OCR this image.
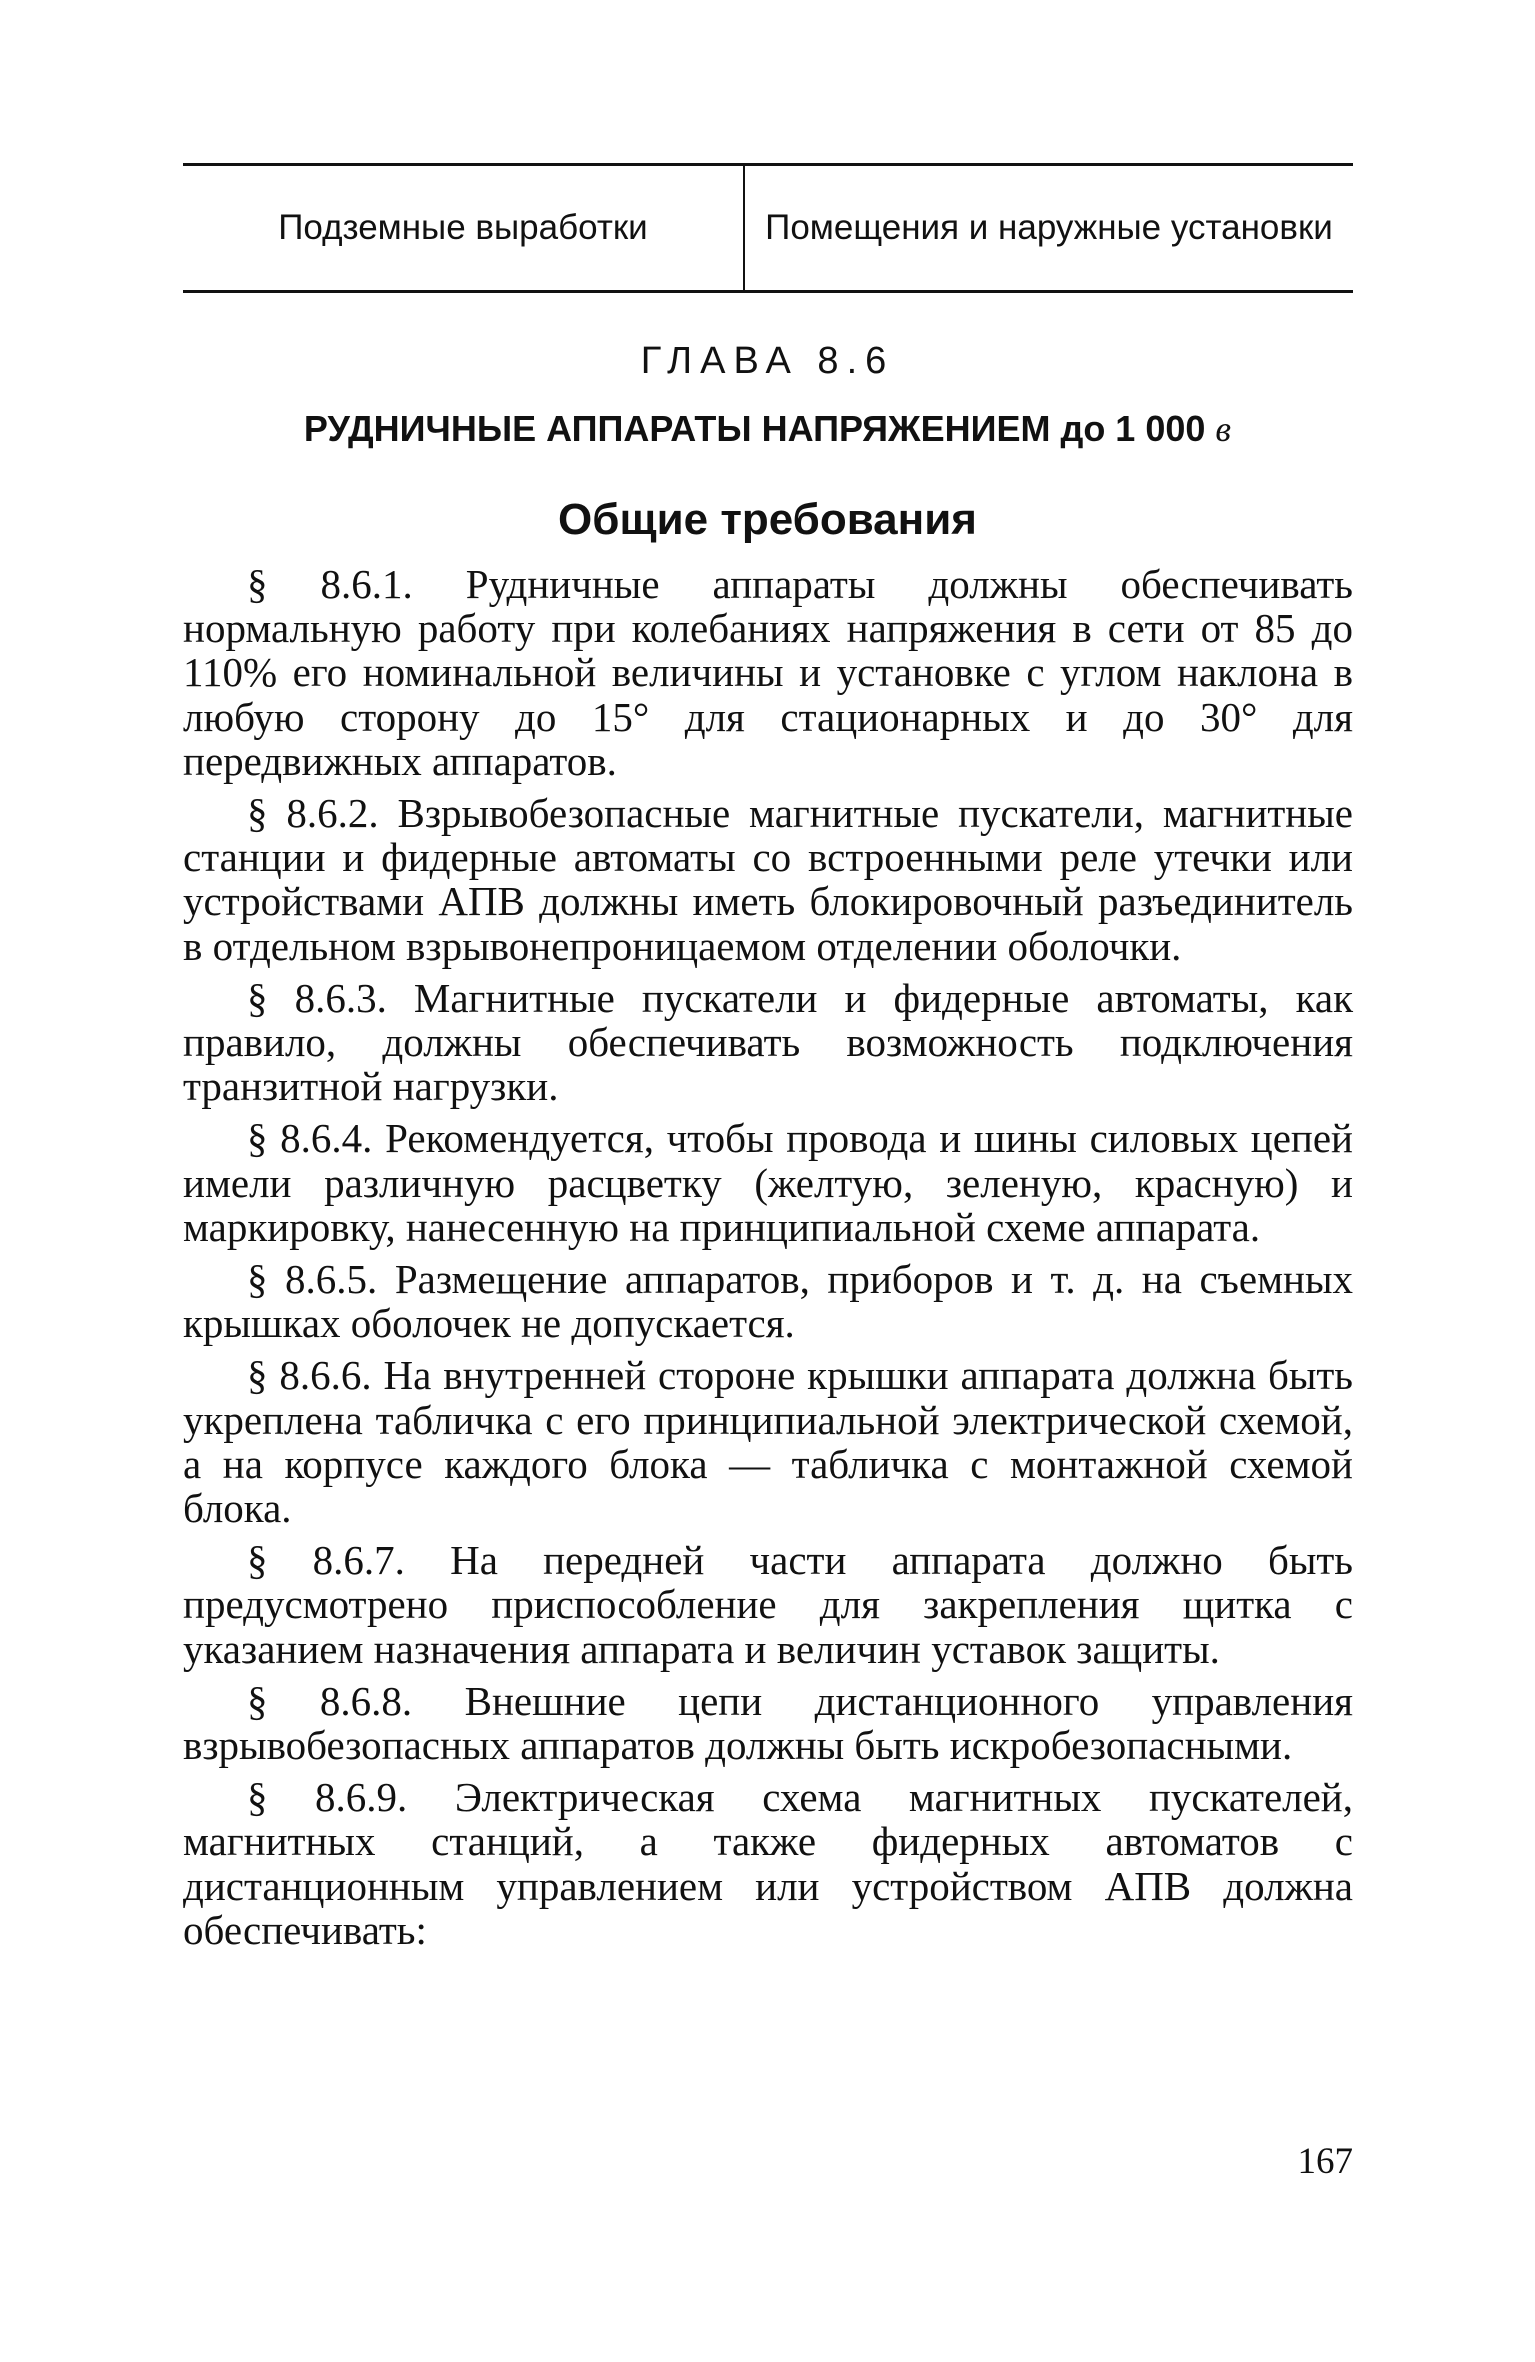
Подземные выработки	Помещения и наружные установки
ГЛАВА 8.6
РУДНИЧНЫЕ АППАРАТЫ НАПРЯЖЕНИЕМ до 1 000 в
Общие требования

§ 8.6.1. Рудничные аппараты должны обеспечивать нормальную работу при колебаниях напряжения в сети от 85 до 110% его номинальной величины и установке с углом наклона в любую сторону до 15° для стационарных и до 30° для передвижных аппаратов.

§ 8.6.2. Взрывобезопасные магнитные пускатели, магнитные станции и фидерные автоматы со встроенными реле утечки или устройствами АПВ должны иметь блокировочный разъединитель в отдельном взрывонепроницаемом отделении оболочки.

§ 8.6.3. Магнитные пускатели и фидерные автоматы, как правило, должны обеспечивать возможность подключения транзитной нагрузки.

§ 8.6.4. Рекомендуется, чтобы провода и шины силовых цепей имели различную расцветку (желтую, зеленую, красную) и маркировку, нанесенную на принципиальной схеме аппарата.

§ 8.6.5. Размещение аппаратов, приборов и т. д. на съемных крышках оболочек не допускается.

§ 8.6.6. На внутренней стороне крышки аппарата должна быть укреплена табличка с его принципиальной электрической схемой, а на корпусе каждого блока — табличка с монтажной схемой блока.

§ 8.6.7. На передней части аппарата должно быть предусмотрено приспособление для закрепления щитка с указанием назначения аппарата и величин уставок защиты.

§ 8.6.8. Внешние цепи дистанционного управления взрывобезопасных аппаратов должны быть искробезопасными.

§ 8.6.9. Электрическая схема магнитных пускателей, магнитных станций, а также фидерных автоматов с дистанционным управлением или устройством АПВ должна обеспечивать:

167
